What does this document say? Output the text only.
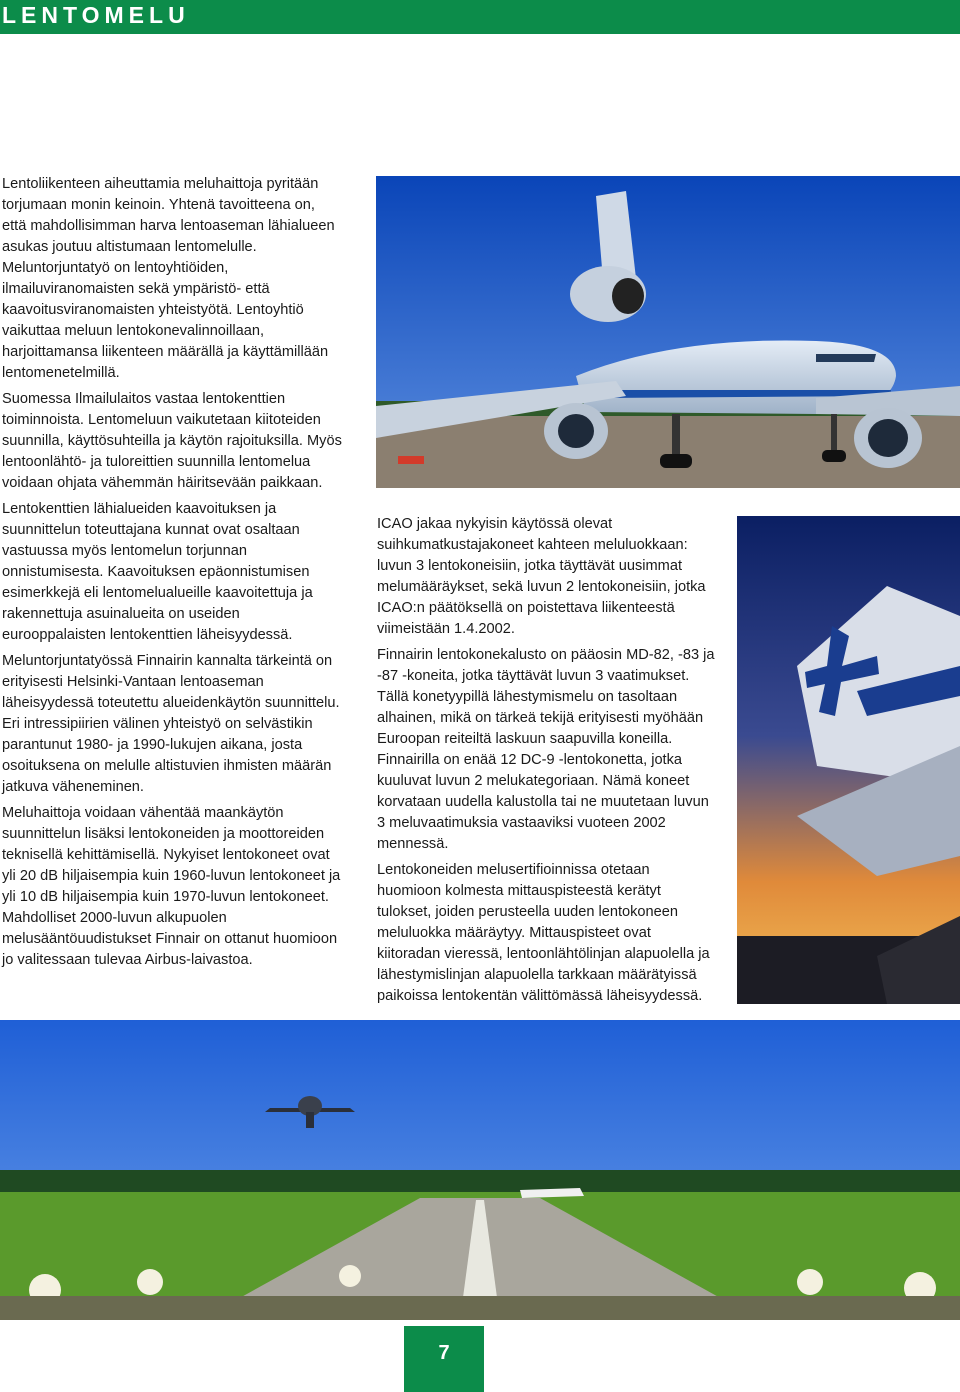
LENTOMELU

Lentoliikenteen aiheuttamia meluhaittoja pyritään torjumaan monin keinoin. Yhtenä tavoitteena on, että mahdollisimman harva lentoaseman lähialueen asukas joutuu altistumaan lentomelulle. Meluntorjuntatyö on lentoyhtiöiden, ilmailuviranomaisten sekä ympäristö- että kaavoitusviranomaisten yhteistyötä. Lentoyhtiö vaikuttaa meluun lentokonevalinnoillaan, harjoittamansa liikenteen määrällä ja käyttämillään lentomenetelmillä.

Suomessa Ilmailulaitos vastaa lentokenttien toiminnoista. Lentomeluun vaikutetaan kiitoteiden suunnilla, käyttösuhteilla ja käytön rajoituksilla. Myös lentoonlähtö- ja tuloreittien suunnilla lentomelua voidaan ohjata vähemmän häiritsevään paikkaan.

Lentokenttien lähialueiden kaavoituksen ja suunnittelun toteuttajana kunnat ovat osaltaan vastuussa myös lentomelun torjunnan onnistumisesta. Kaavoituksen epäonnistumisen esimerkkejä eli lentomelualueille kaavoitettuja ja rakennettuja asuinalueita on useiden eurooppalaisten lentokenttien läheisyydessä.

Meluntorjuntatyössä Finnairin kannalta tärkeintä on erityisesti Helsinki-Vantaan lentoaseman läheisyydessä toteutettu alueidenkäytön suunnittelu. Eri intressipiirien välinen yhteistyö on selvästikin parantunut 1980- ja 1990-lukujen aikana, josta osoituksena on melulle altistuvien ihmisten määrän jatkuva väheneminen.

Meluhaittoja voidaan vähentää maankäytön suunnittelun lisäksi lentokoneiden ja moottoreiden teknisellä kehittämisellä. Nykyiset lentokoneet ovat yli 20 dB hiljaisempia kuin 1960-luvun lentokoneet ja yli 10 dB hiljaisempia kuin 1970-luvun lentokoneet. Mahdolliset 2000-luvun alkupuolen melusääntöuudistukset Finnair on ottanut huomioon jo valitessaan tulevaa Airbus-laivastoa.

ICAO jakaa nykyisin käytössä olevat suihkumatkustajakoneet kahteen meluluokkaan: luvun 3 lentokoneisiin, jotka täyttävät uusimmat melumääräykset, sekä luvun 2 lentokoneisiin, jotka ICAO:n päätöksellä on poistettava liikenteestä viimeistään 1.4.2002.

Finnairin lentokonekalusto on pääosin MD-82, -83 ja -87 -koneita, jotka täyttävät luvun 3 vaatimukset. Tällä konetyypillä lähestymismelu on tasoltaan alhainen, mikä on tärkeä tekijä erityisesti myöhään Euroopan reiteiltä laskuun saapuvilla koneilla. Finnairilla on enää 12 DC-9 -lentokonetta, jotka kuuluvat luvun 2 melukategoriaan. Nämä koneet korvataan uudella kalustolla tai ne muutetaan luvun 3 meluvaatimuksia vastaaviksi vuoteen 2002 mennessä.

Lentokoneiden melusertifioinnissa otetaan huomioon kolmesta mittauspisteestä kerätyt tulokset, joiden perusteella uuden lentokoneen meluluokka määräytyy. Mittauspisteet ovat kiitoradan vieressä, lentoonlähtölinjan alapuolella ja lähestymislinjan alapuolella tarkkaan määrätyissä paikoissa lentokentän välittömässä läheisyydessä.

7
